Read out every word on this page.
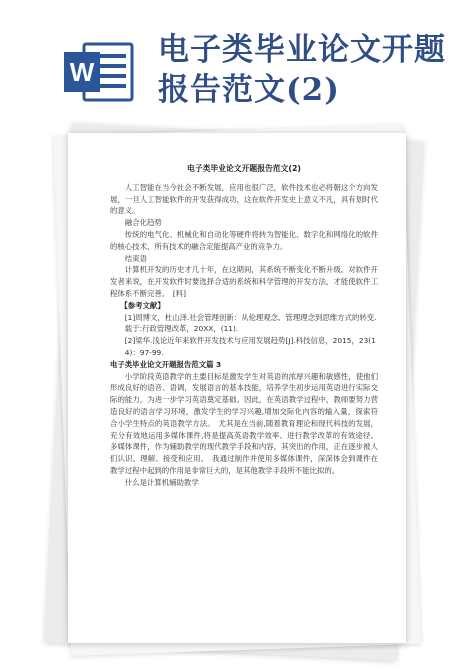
W
电子类毕业论文开题报告范文(2)
电子类毕业论文开题报告范文(2)

人工智能在当今社会不断发展，应用也很广泛，软件技术也必将朝这个方向发展，一旦人工智能软件的开发获得成功，这在软件开发史上意义不凡，具有划时代的意义。

融合化趋势

传统的电气化、机械化和自动化等硬件将转为智能化、数字化和网络化的软件的核心技术，所有技术的融合定能提高产业的竞争力。

结束语

计算机开发的历史才几十年，在这期间，其系统不断变化不断升级。对软件开发者来说，在开发软件时要选择合适的系统和科学管理的开发方法，才能使软件工程体系不断完善。　[料]

【参考文献】

[1]周博文，杜山泽.社会管理创新：从伦理观念、管理理念到思维方式的转变.载于:行政管理改革，20XX，(11).

[2]梁华.浅论近年来软件开发技术与应用发展趋势[J].科技信息，2015，23(14)：97-99.

电子类毕业论文开题报告范文篇 3

小学阶段英语教学的主要目标是激发学生对英语的浓厚兴趣和敏感性，使他们形成良好的语音、语调，发展语言的基本技能，培养学生初步运用英语进行实际交际的能力，为进一步学习英语奠定基础。因此，在英语教学过程中，教师要努力营造良好的语言学习环境，激发学生的学习兴趣,增加交际化内容的输入量，探索符合小学生特点的英语教学方法。　尤其是在当前,随着教育理论和现代科技的发展，充分有效地运用多媒体课件,将是提高英语教学效率、进行教学改革的有效途径。多媒体课件，作为辅助教学的现代教学手段和内容，其突出的作用，正在逐步被人们认识、理解、接受和应用。　我通过制作并使用多媒体课件，深深体会到课件在教学过程中起到的作用是非常巨大的，是其他教学手段所不能比拟的。

什么是计算机辅助教学
